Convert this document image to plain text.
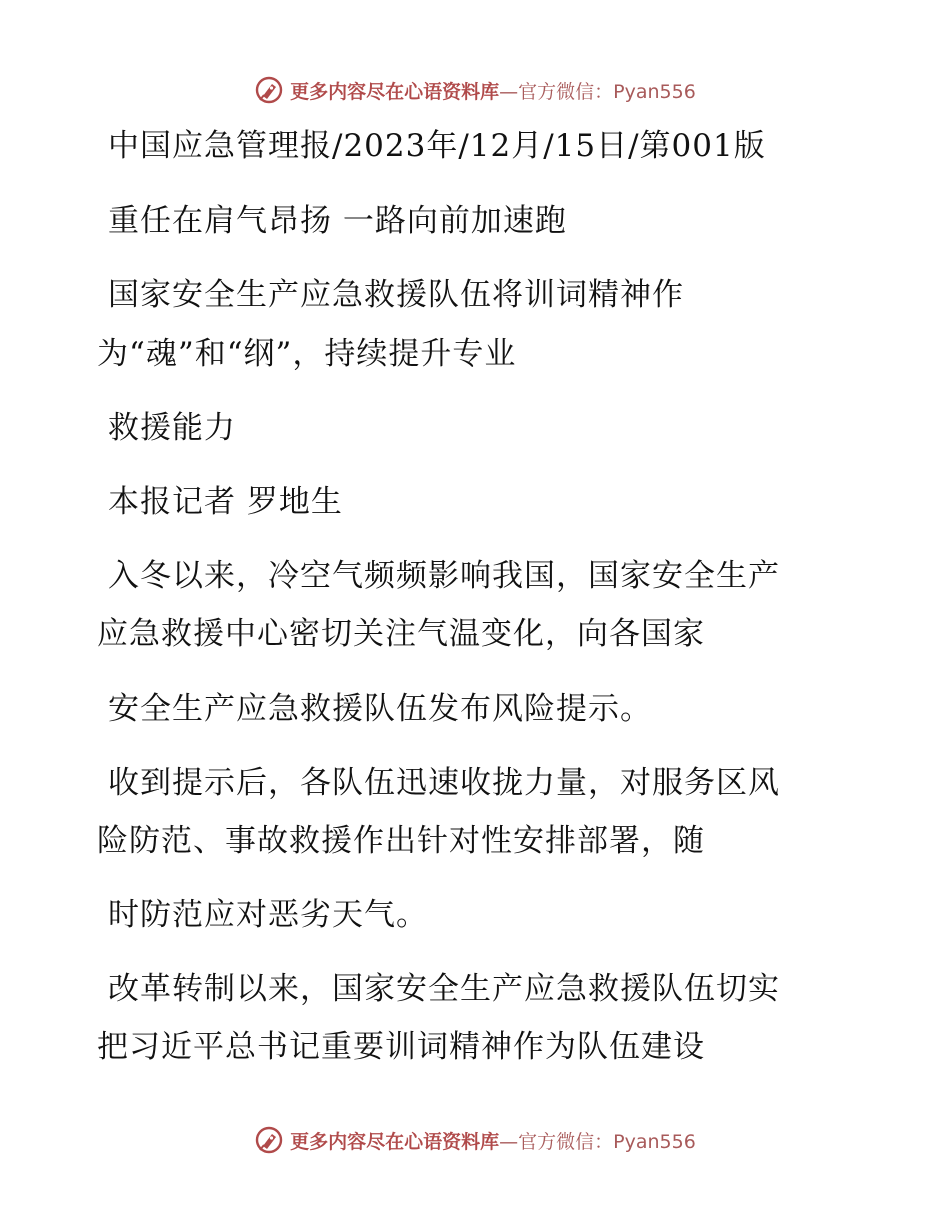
更多内容尽在心语资料库—官方微信：Pyan556
中国应急管理报/2023年/12月/15日/第001版
重任在肩气昂扬 一路向前加速跑
国家安全生产应急救援队伍将训词精神作
为“魂”和“纲”，持续提升专业
救援能力
本报记者 罗地生
入冬以来，冷空气频频影响我国，国家安全生产
应急救援中心密切关注气温变化，向各国家
安全生产应急救援队伍发布风险提示。
收到提示后，各队伍迅速收拢力量，对服务区风
险防范、事故救援作出针对性安排部署，随
时防范应对恶劣天气。
改革转制以来，国家安全生产应急救援队伍切实
把习近平总书记重要训词精神作为队伍建设
更多内容尽在心语资料库—官方微信：Pyan556
